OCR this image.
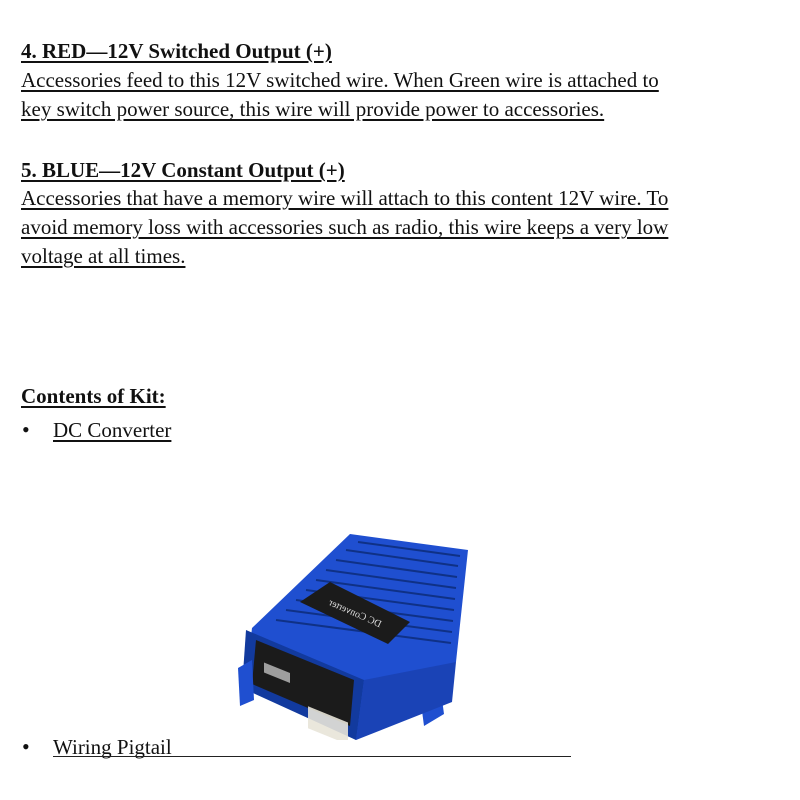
4. RED—12V Switched Output (+)

Accessories feed to this 12V switched wire. When Green wire is attached to
key switch power source, this wire will provide power to accessories.

5. BLUE—12V Constant Output (+)

Accessories that have a memory wire will attach to this content 12V wire. To
avoid memory loss with accessories such as radio, this wire keeps a very low
voltage at all times.

Contents of Kit:
• DC Converter
DC Converter
• Wiring Pigtail
